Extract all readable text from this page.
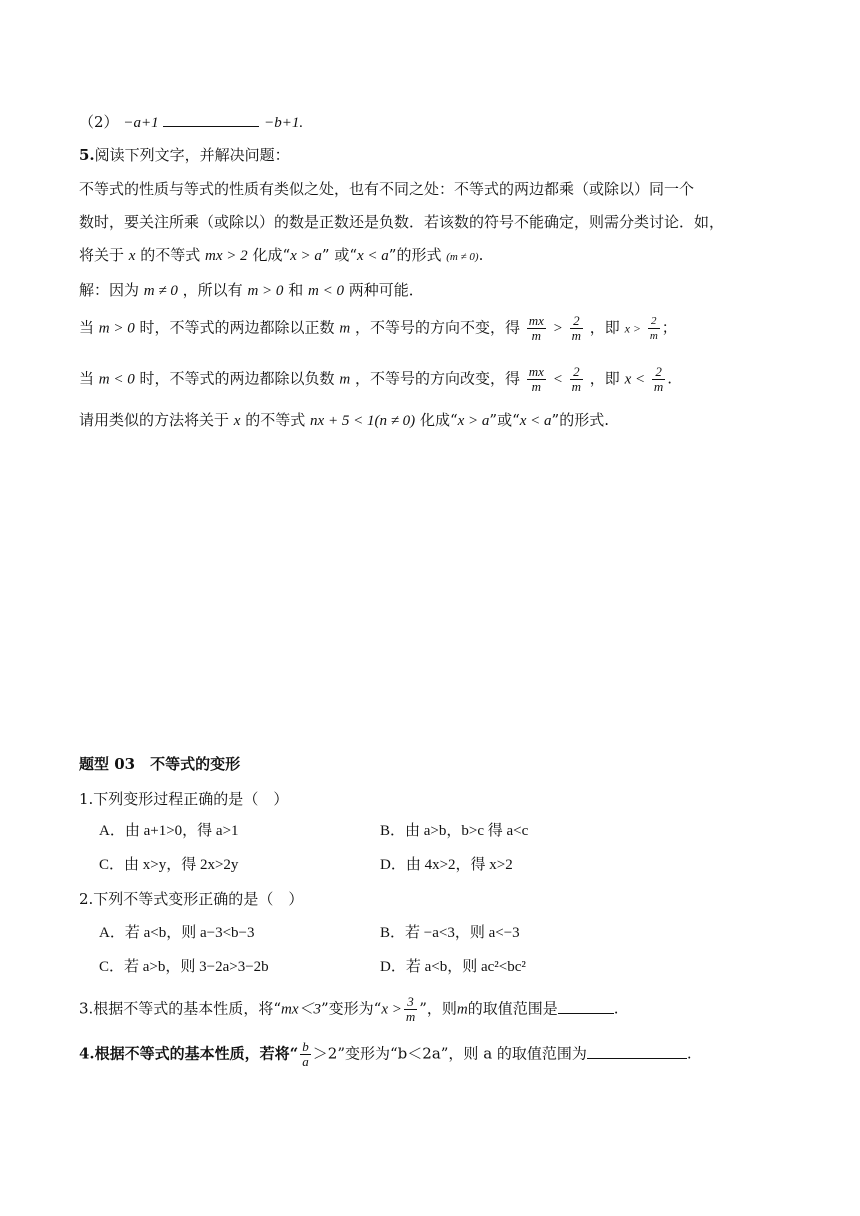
（2） −a+1	−b+1.
5.阅读下列文字，并解决问题：
不等式的性质与等式的性质有类似之处，也有不同之处：不等式的两边都乘（或除以）同一个
数时，要关注所乘（或除以）的数是正数还是负数．若该数的符号不能确定，则需分类讨论．如，
将关于 x 的不等式 mx > 2 化成“x > a” 或“x < a”的形式 (m ≠ 0).
解：因为 m ≠ 0 ，所以有 m > 0 和 m < 0 两种可能．
当 m > 0 时，不等式的两边都除以正数 m ，不等号的方向不变，得 $\frac{mx}{m} > \frac{2}{m}$ ，即 $x > \frac{2}{m}$ ；
当 m < 0 时，不等式的两边都除以负数 m ，不等号的方向改变，得 $\frac{mx}{m} < \frac{2}{m}$ ，即 $x < \frac{2}{m}$ .
请用类似的方法将关于 x 的不等式 nx + 5 < 1(n ≠ 0) 化成“x > a”或“x < a”的形式.
题型 03　不等式的变形
1.下列变形过程正确的是（　）
A．由 a+1>0，得 a>1	B．由 a>b，b>c 得 a<c
C．由 x>y，得 2x>2y	D．由 4x>2，得 x>2
2.下列不等式变形正确的是（　）
A．若 a<b，则 a−3<b−3	B．若 −a<3，则 a<−3
C．若 a>b，则 3−2a>3−2b	D．若 a<b，则 ac²<bc²
3.根据不等式的基本性质，将“mx＜3”变形为“$x > \frac{3}{m}$ ”，则m的取值范围是	.
4.根据不等式的基本性质，若将“ $\frac{b}{a} >2$”变形为“b＜2a”，则 a 的取值范围为	.
